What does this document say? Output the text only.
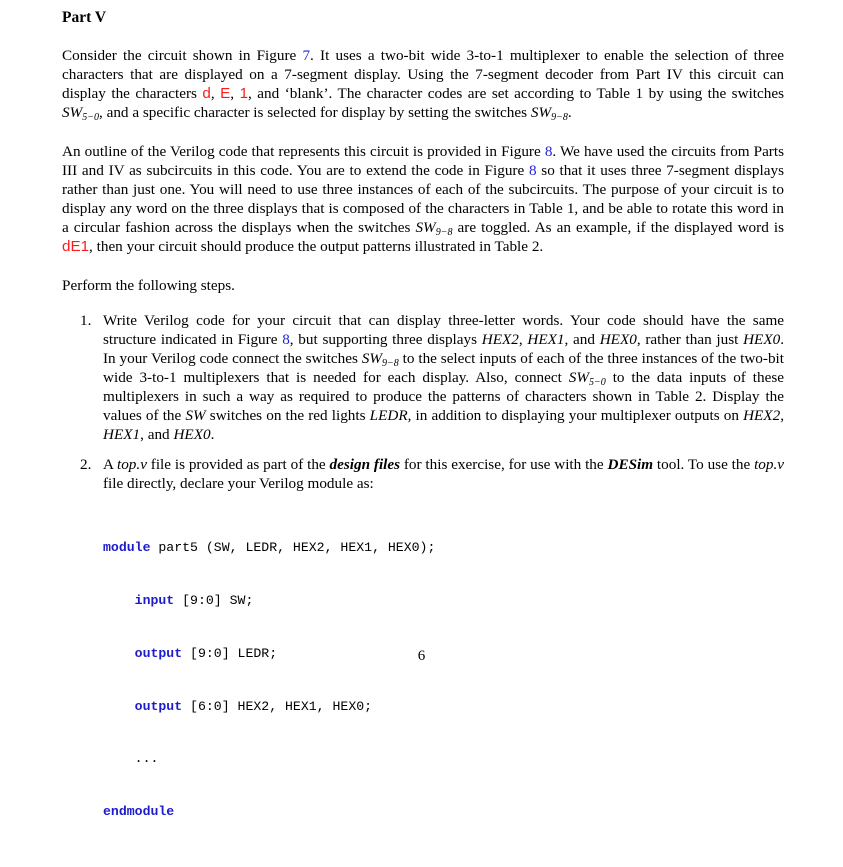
Part V

Consider the circuit shown in Figure 7. It uses a two-bit wide 3-to-1 multiplexer to enable the selection of three characters that are displayed on a 7-segment display. Using the 7-segment decoder from Part IV this circuit can display the characters d, E, 1, and ‘blank’. The character codes are set according to Table 1 by using the switches $SW_{5-0}$, and a specific character is selected for display by setting the switches $SW_{9-8}$.

An outline of the Verilog code that represents this circuit is provided in Figure 8. We have used the circuits from Parts III and IV as subcircuits in this code. You are to extend the code in Figure 8 so that it uses three 7-segment displays rather than just one. You will need to use three instances of each of the subcircuits. The purpose of your circuit is to display any word on the three displays that is composed of the characters in Table 1, and be able to rotate this word in a circular fashion across the displays when the switches $SW_{9-8}$ are toggled. As an example, if the displayed word is dE1, then your circuit should produce the output patterns illustrated in Table 2.

Perform the following steps.

1. Write Verilog code for your circuit that can display three-letter words. Your code should have the same structure indicated in Figure 8, but supporting three displays HEX2, HEX1, and HEX0, rather than just HEX0. In your Verilog code connect the switches $SW_{9-8}$ to the select inputs of each of the three instances of the two-bit wide 3-to-1 multiplexers that is needed for each display. Also, connect $SW_{5-0}$ to the data inputs of these multiplexers in such a way as required to produce the patterns of characters shown in Table 2. Display the values of the SW switches on the red lights LEDR, in addition to displaying your multiplexer outputs on HEX2, HEX1, and HEX0.

2. A top.v file is provided as part of the design files for this exercise, for use with the DESim tool. To use the top.v file directly, declare your Verilog module as:

module part5 (SW, LEDR, HEX2, HEX1, HEX0);

input [9:0] SW;

output [9:0] LEDR;

output [6:0] HEX2, HEX1, HEX0;

...

endmodule

6
